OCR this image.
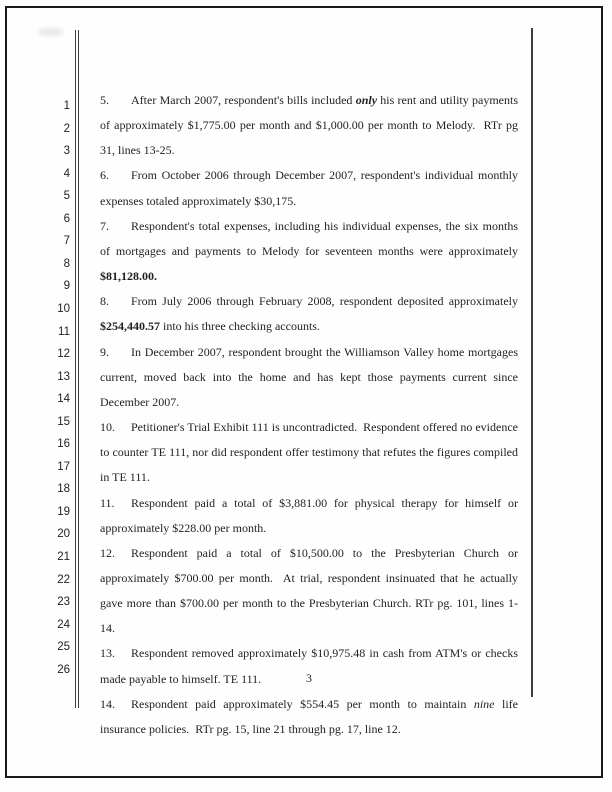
1
2
3
4
5
6
7
8
9
10
11
12
13
14
15
16
17
18
19
20
21
22
23
24
25
26
5. After March 2007, respondent's bills included only his rent and utility payments of approximately $1,775.00 per month and $1,000.00 per month to Melody.  RTr pg 31, lines 13-25.
6. From October 2006 through December 2007, respondent's individual monthly expenses totaled approximately $30,175.
7. Respondent's total expenses, including his individual expenses, the six months of mortgages and payments to Melody for seventeen months were approximately $81,128.00.
8. From July 2006 through February 2008, respondent deposited approximately $254,440.57 into his three checking accounts.
9. In December 2007, respondent brought the Williamson Valley home mortgages current, moved back into the home and has kept those payments current since December 2007.
10. Petitioner's Trial Exhibit 111 is uncontradicted.  Respondent offered no evidence to counter TE 111, nor did respondent offer testimony that refutes the figures compiled in TE 111.
11. Respondent paid a total of $3,881.00 for physical therapy for himself or approximately $228.00 per month.
12. Respondent paid a total of $10,500.00 to the Presbyterian Church or approximately $700.00 per month.  At trial, respondent insinuated that he actually gave more than $700.00 per month to the Presbyterian Church. RTr pg. 101, lines 1-14.
13. Respondent removed approximately $10,975.48 in cash from ATM's or checks made payable to himself. TE 111.
14. Respondent paid approximately $554.45 per month to maintain nine life insurance policies.  RTr pg. 15, line 21 through pg. 17, line 12.
3
